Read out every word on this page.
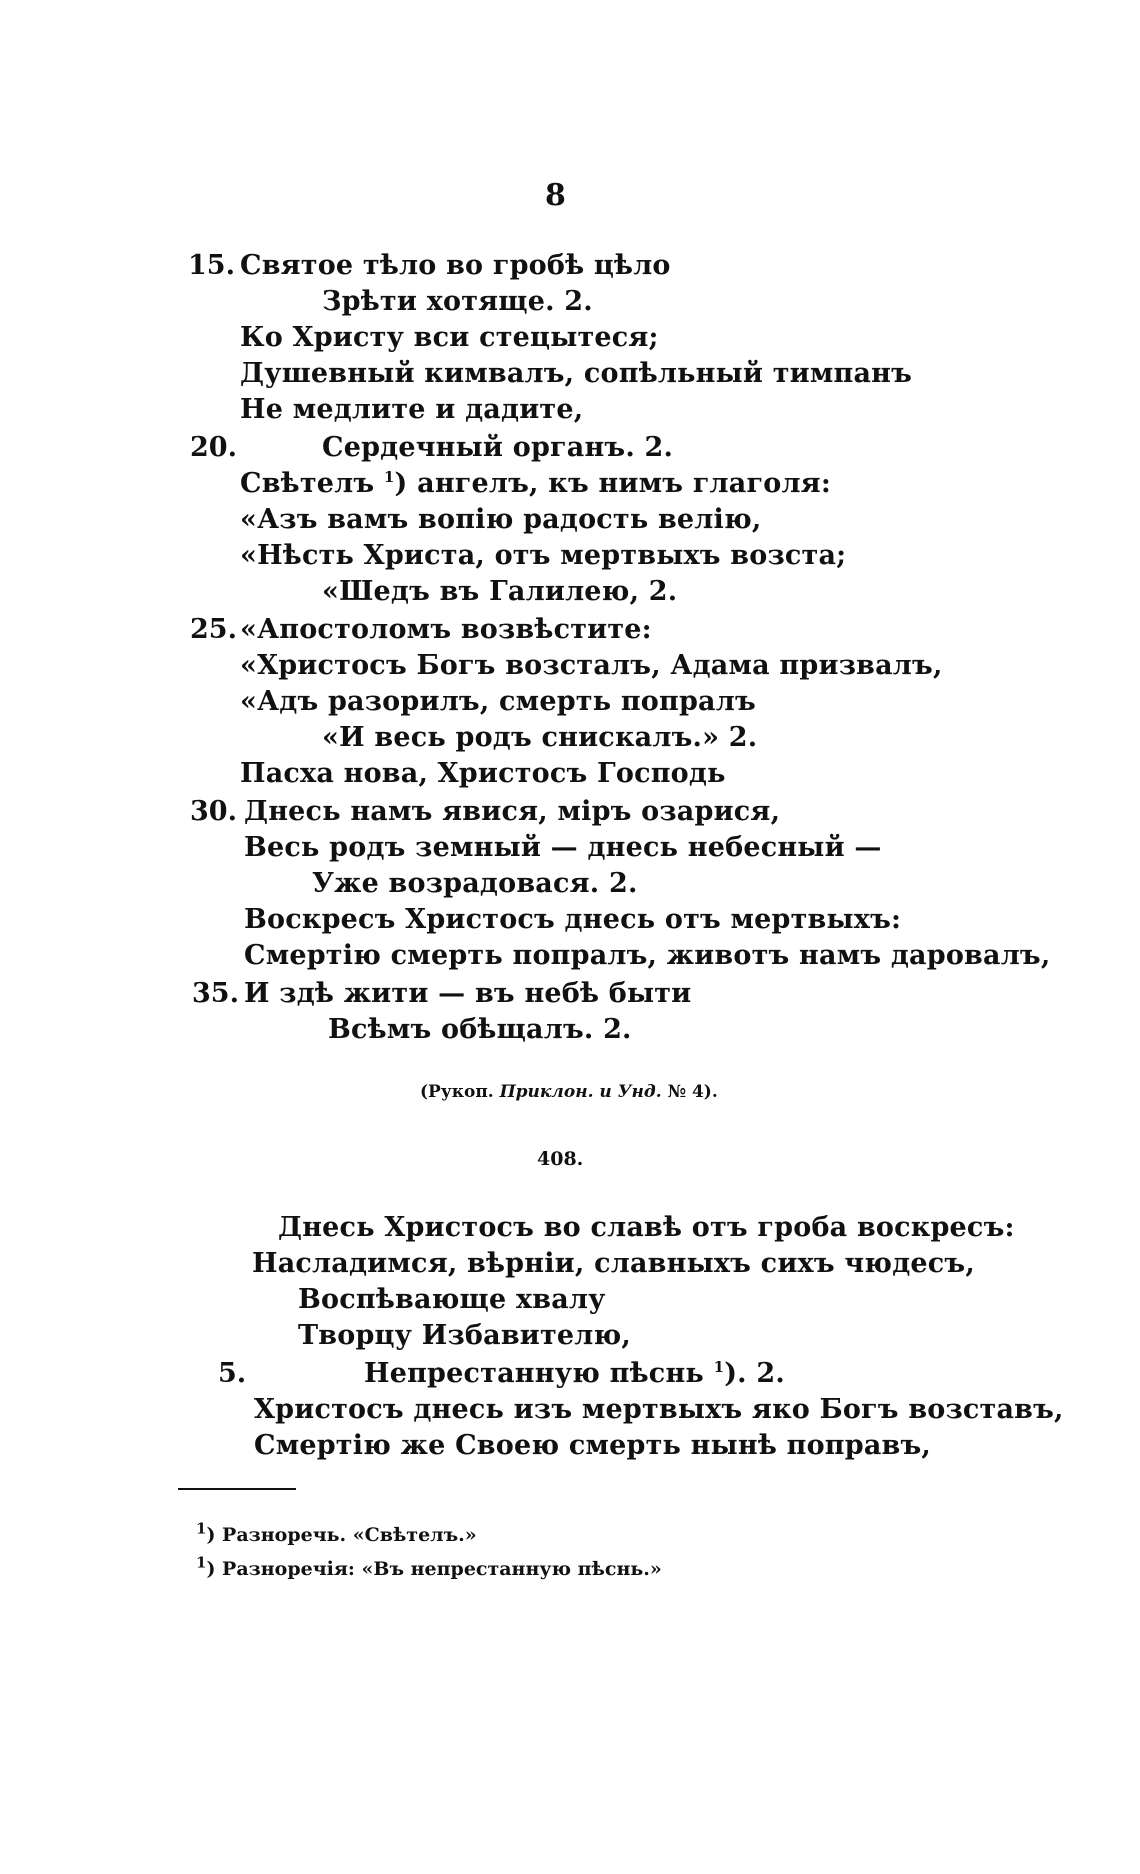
8
15. Святое тѣло во гробѣ цѣло
Зрѣти хотяще. 2.
Ко Христу вси стецытеся;
Душевный кимвалъ, сопѣльный тимпанъ
Не медлите и дадите,
20.	Сердечный органъ. 2.
Свѣтелъ $^1$) ангелъ, къ нимъ глаголя:
«Азъ вамъ вопію радость велію,
«Нѣсть Христа, отъ мертвыхъ возста;
«Шедъ въ Галилею, 2.
25. «Апостоломъ возвѣстите:
«Христосъ Богъ возсталъ, Адама призвалъ,
«Адъ разорилъ, смерть попралъ
«И весь родъ снискалъ.» 2.
Пасха нова, Христосъ Господь
30. Днесь намъ явися, міръ озарися,
Весь родъ земный — днесь небесный —
Уже возрадовася. 2.
Воскресъ Христосъ днесь отъ мертвыхъ:
Смертію смерть попралъ, животъ намъ даровалъ,
35. И здѣ жити — въ небѣ быти
Всѣмъ обѣщалъ. 2.
(Рукоп. Приклон. и Унд. № 4).
408.
Днесь Христосъ во славѣ отъ гроба воскресъ:
Насладимся, вѣрніи, славныхъ сихъ чюдесъ,
Воспѣвающе хвалу
Творцу Избавителю,
5.	Непрестанную пѣснь $^1$). 2.
Христосъ днесь изъ мертвыхъ яко Богъ возставъ,
Смертію же Своею смерть нынѣ поправъ,
$^1$) Разноречь. «Свѣтелъ.»
$^1$) Разноречія: «Въ непрестанную пѣснь.»
